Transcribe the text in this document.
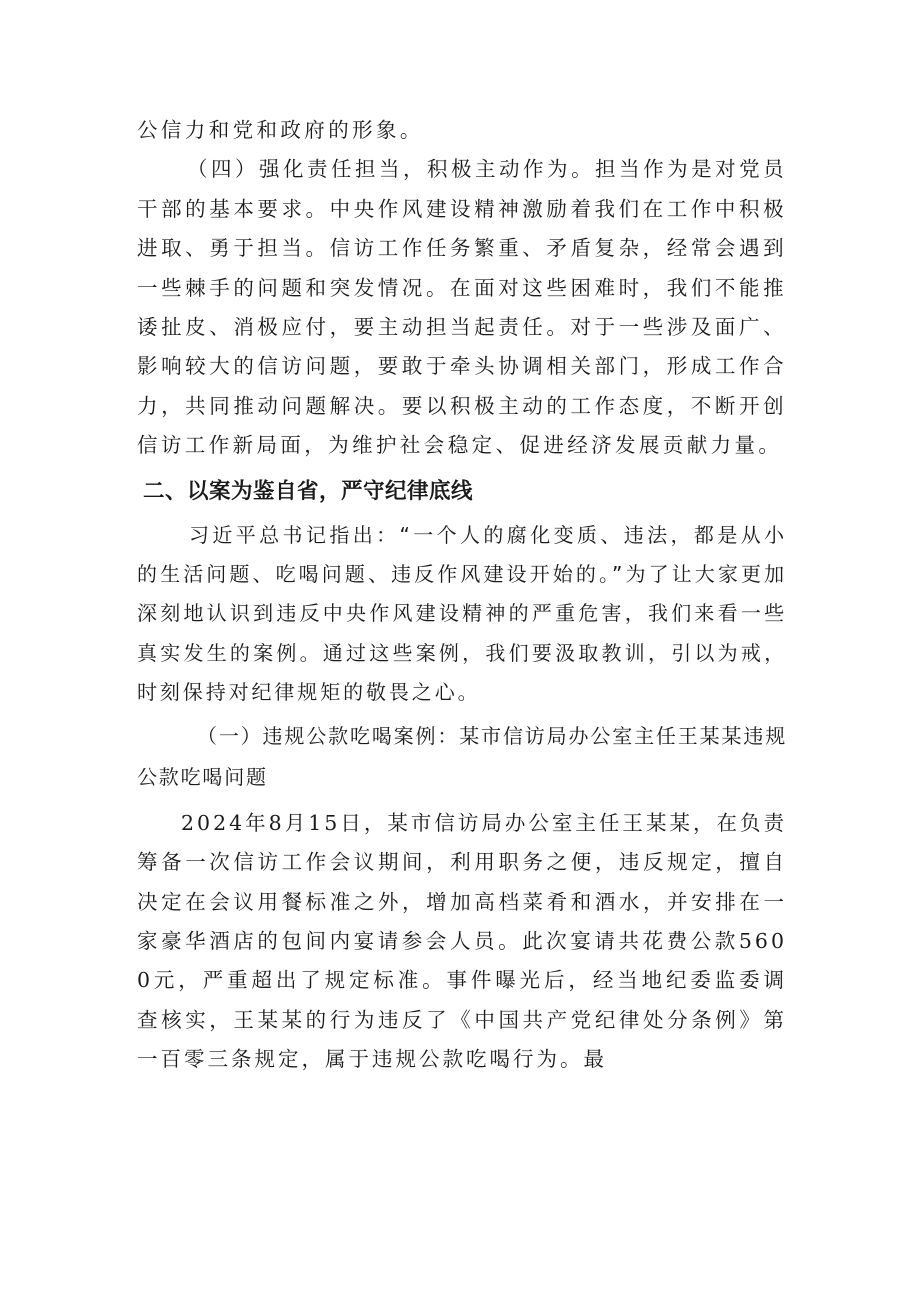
公信力和党和政府的形象。

（四）强化责任担当，积极主动作为。担当作为是对党员干部的基本要求。中央作风建设精神激励着我们在工作中积极进取、勇于担当。信访工作任务繁重、矛盾复杂，经常会遇到一些棘手的问题和突发情况。在面对这些困难时，我们不能推诿扯皮、消极应付，要主动担当起责任。对于一些涉及面广、影响较大的信访问题，要敢于牵头协调相关部门，形成工作合力，共同推动问题解决。要以积极主动的工作态度，不断开创信访工作新局面，为维护社会稳定、促进经济发展贡献力量。

二、以案为鉴自省，严守纪律底线

习近平总书记指出：“一个人的腐化变质、违法，都是从小的生活问题、吃喝问题、违反作风建设开始的。”为了让大家更加深刻地认识到违反中央作风建设精神的严重危害，我们来看一些真实发生的案例。通过这些案例，我们要汲取教训，引以为戒，时刻保持对纪律规矩的敬畏之心。

（一）违规公款吃喝案例：某市信访局办公室主任王某某违规公款吃喝问题

2024年8月15日，某市信访局办公室主任王某某，在负责筹备一次信访工作会议期间，利用职务之便，违反规定，擅自决定在会议用餐标准之外，增加高档菜肴和酒水，并安排在一家豪华酒店的包间内宴请参会人员。此次宴请共花费公款5600元，严重超出了规定标准。事件曝光后，经当地纪委监委调查核实，王某某的行为违反了《中国共产党纪律处分条例》第一百零三条规定，属于违规公款吃喝行为。最
